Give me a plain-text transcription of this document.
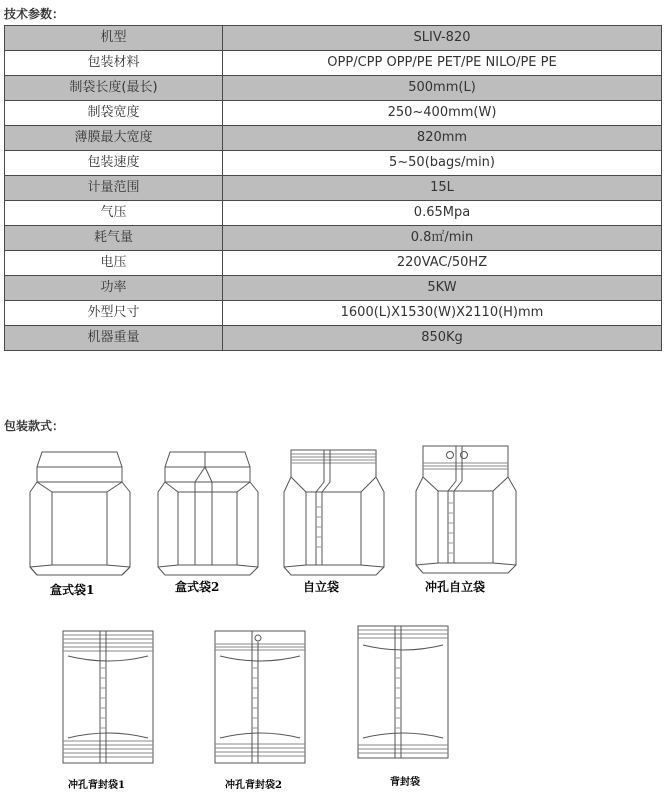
技术参数：
机型	SLIV-820
包装材料	OPP/CPP OPP/PE PET/PE NILO/PE PE
制袋长度(最长)	500mm(L)
制袋宽度	250~400mm(W)
薄膜最大宽度	820mm
包装速度	5~50(bags/min)
计量范围	15L
气压	0.65Mpa
耗气量	0.8㎡/min
电压	220VAC/50HZ
功率	5KW
外型尺寸	1600(L)X1530(W)X2110(H)mm
机器重量	850Kg
包装款式：
盒式袋1	盒式袋2	自立袋	冲孔自立袋
冲孔背封袋1	冲孔背封袋2	背封袋
